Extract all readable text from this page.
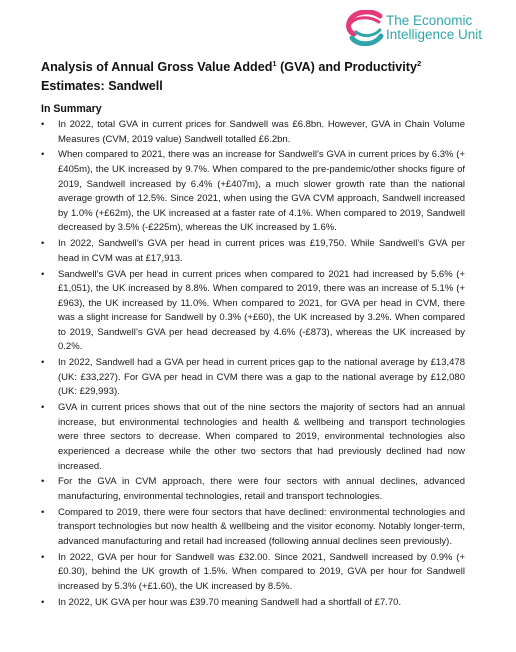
The Economic
Intelligence Unit
Analysis of Annual Gross Value Added$^1$ (GVA) and Productivity$^2$
Estimates: Sandwell
In Summary
• In 2022, total GVA in current prices for Sandwell was £6.8bn. However, GVA in Chain Volume Measures (CVM, 2019 value) Sandwell totalled £6.2bn.
• When compared to 2021, there was an increase for Sandwell’s GVA in current prices by 6.3% (+£405m), the UK increased by 9.7%. When compared to the pre-pandemic/other shocks figure of 2019, Sandwell increased by 6.4% (+£407m), a much slower growth rate than the national average growth of 12.5%. Since 2021, when using the GVA CVM approach, Sandwell increased by 1.0% (+£62m), the UK increased at a faster rate of 4.1%. When compared to 2019, Sandwell decreased by 3.5% (-£225m), whereas the UK increased by 1.6%.
• In 2022, Sandwell’s GVA per head in current prices was £19,750. While Sandwell’s GVA per head in CVM was at £17,913.
• Sandwell’s GVA per head in current prices when compared to 2021 had increased by 5.6% (+£1,051), the UK increased by 8.8%. When compared to 2019, there was an increase of 5.1% (+£963), the UK increased by 11.0%. When compared to 2021, for GVA per head in CVM, there was a slight increase for Sandwell by 0.3% (+£60), the UK increased by 3.2%. When compared to 2019, Sandwell’s GVA per head decreased by 4.6% (-£873), whereas the UK increased by 0.2%.
• In 2022, Sandwell had a GVA per head in current prices gap to the national average by £13,478 (UK: £33,227). For GVA per head in CVM there was a gap to the national average by £12,080 (UK: £29,993).
• GVA in current prices shows that out of the nine sectors the majority of sectors had an annual increase, but environmental technologies and health & wellbeing and transport technologies were three sectors to decrease. When compared to 2019, environmental technologies also experienced a decrease while the other two sectors that had previously declined had now increased.
• For the GVA in CVM approach, there were four sectors with annual declines, advanced manufacturing, environmental technologies, retail and transport technologies.
• Compared to 2019, there were four sectors that have declined: environmental technologies and transport technologies but now health & wellbeing and the visitor economy. Notably longer-term, advanced manufacturing and retail had increased (following annual declines seen previously).
• In 2022, GVA per hour for Sandwell was £32.00. Since 2021, Sandwell increased by 0.9% (+£0.30), behind the UK growth of 1.5%. When compared to 2019, GVA per hour for Sandwell increased by 5.3% (+£1.60), the UK increased by 8.5%.
• In 2022, UK GVA per hour was £39.70 meaning Sandwell had a shortfall of £7.70.
